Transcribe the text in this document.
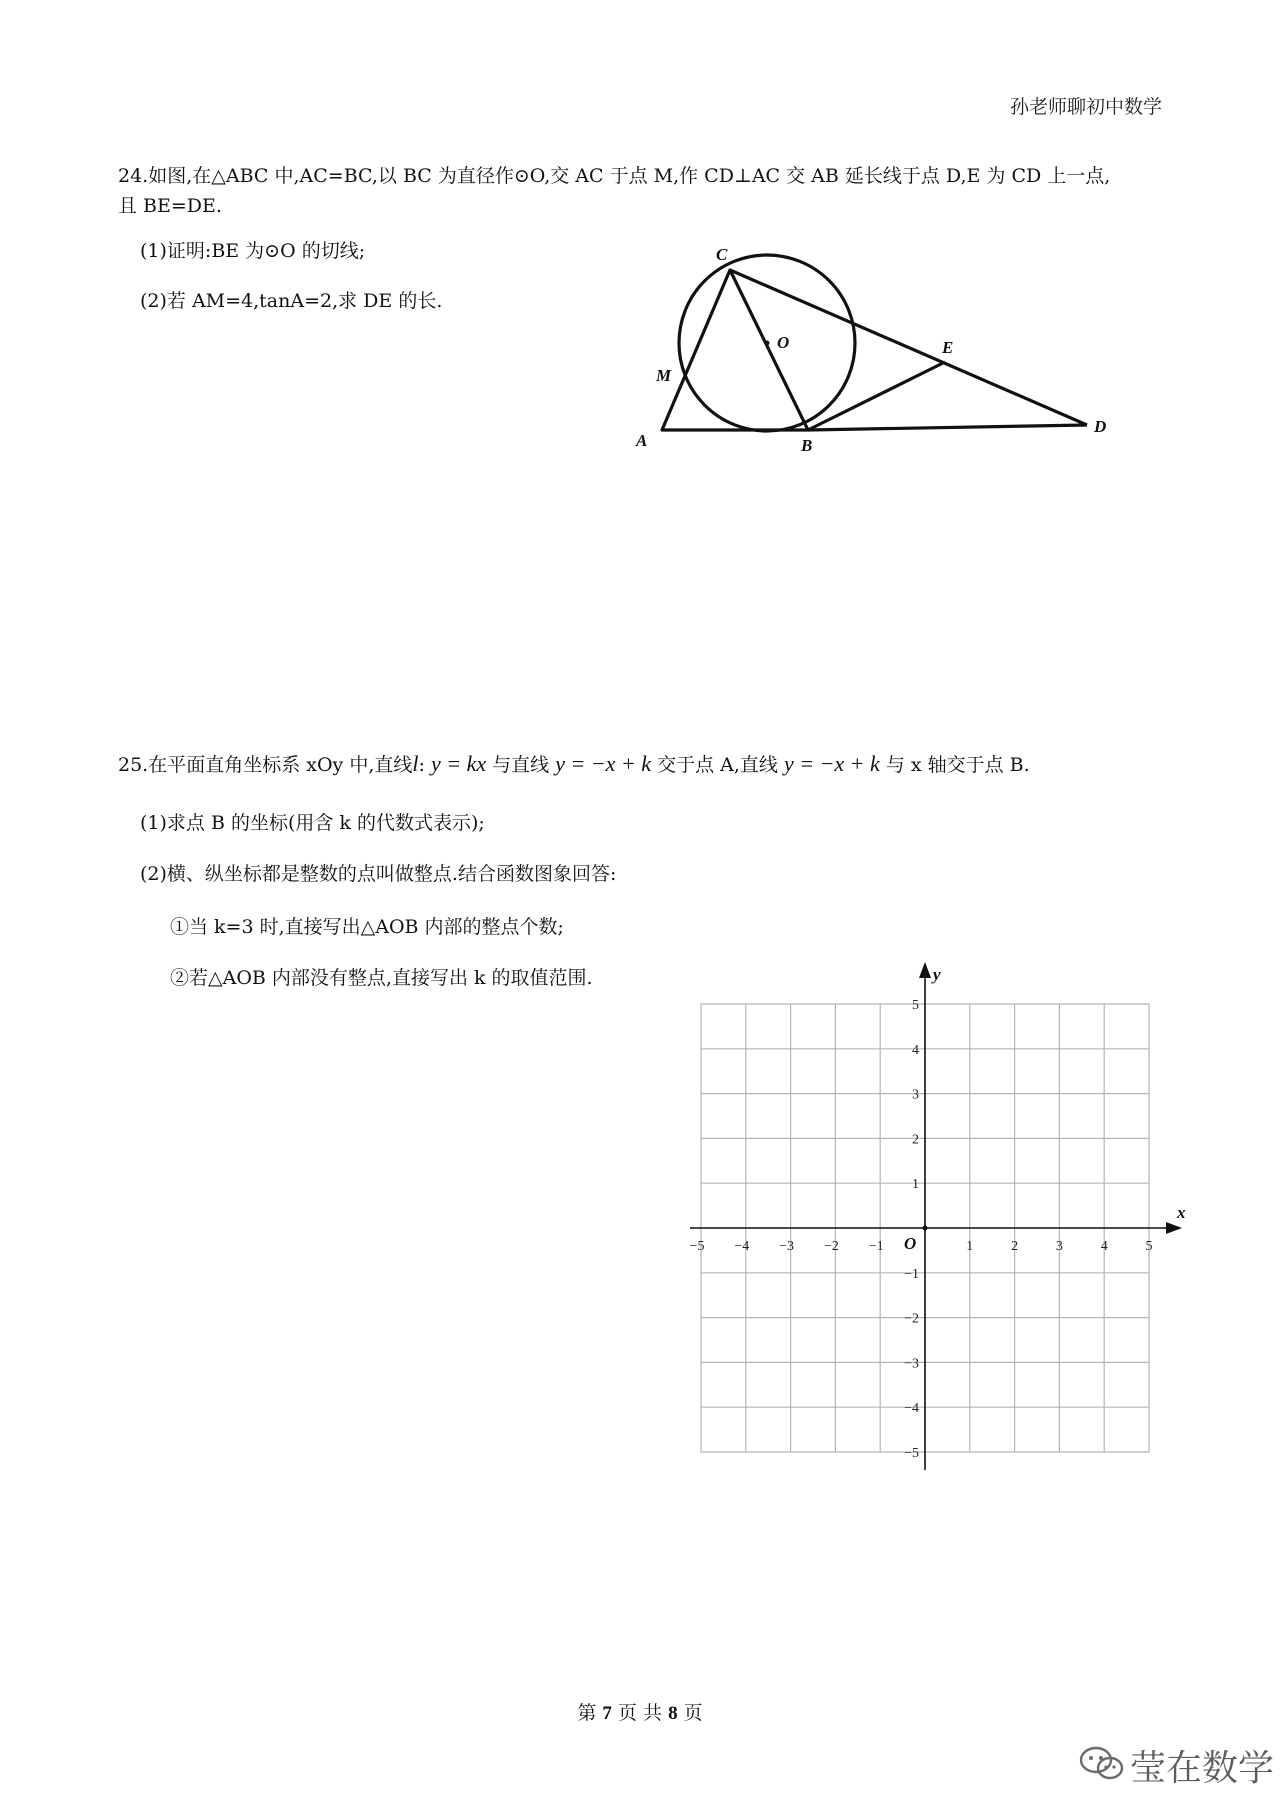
孙老师聊初中数学
24.如图,在△ABC 中,AC=BC,以 BC 为直径作⊙O,交 AC 于点 M,作 CD⊥AC 交 AB 延长线于点 D,E 为 CD 上一点,
且 BE=DE.
(1)证明:BE 为⊙O 的切线;
(2)若 AM=4,tanA=2,求 DE 的长.
C
O	E
M
A	B
D
25.在平面直角坐标系 xOy 中,直线l: y = kx 与直线 y = −x + k 交于点 A,直线 y = −x + k 与 x 轴交于点 B.
(1)求点 B 的坐标(用含 k 的代数式表示);
(2)横、纵坐标都是整数的点叫做整点.结合函数图象回答:
①当 k=3 时,直接写出△AOB 内部的整点个数;
②若△AOB 内部没有整点,直接写出 k 的取值范围.
x
y
O
−5 −4 −3 −2 −1	1	2	3	4	5
5
4
3
2
1
−1
−2
−3
−4
−5
第 7 页 共 8 页
莹在数学
